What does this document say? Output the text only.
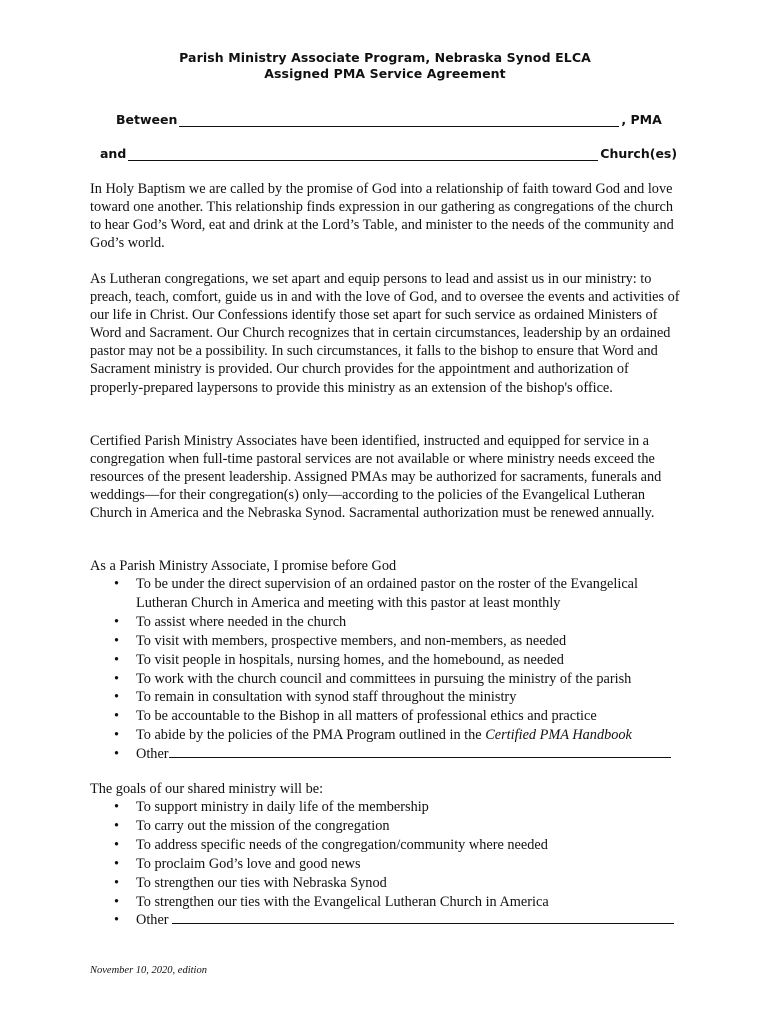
Parish Ministry Associate Program, Nebraska Synod ELCA
Assigned PMA Service Agreement
Between	, PMA
and	Church(es)

In Holy Baptism we are called by the promise of God into a relationship of faith toward God and love toward one another. This relationship finds expression in our gathering as congregations of the church to hear God’s Word, eat and drink at the Lord’s Table, and minister to the needs of the community and God’s world.

As Lutheran congregations, we set apart and equip persons to lead and assist us in our ministry: to preach, teach, comfort, guide us in and with the love of God, and to oversee the events and activities of our life in Christ. Our Confessions identify those set apart for such service as ordained Ministers of Word and Sacrament. Our Church recognizes that in certain circumstances, leadership by an ordained pastor may not be a possibility. In such circumstances, it falls to the bishop to ensure that Word and Sacrament ministry is provided. Our church provides for the appointment and authorization of properly-prepared laypersons to provide this ministry as an extension of the bishop's office.

Certified Parish Ministry Associates have been identified, instructed and equipped for service in a congregation when full-time pastoral services are not available or where ministry needs exceed the resources of the present leadership. Assigned PMAs may be authorized for sacraments, funerals and weddings—for their congregation(s) only—according to the policies of the Evangelical Lutheran Church in America and the Nebraska Synod. Sacramental authorization must be renewed annually.

As a Parish Ministry Associate, I promise before God

• To be under the direct supervision of an ordained pastor on the roster of the Evangelical Lutheran Church in America and meeting with this pastor at least monthly
• To assist where needed in the church
• To visit with members, prospective members, and non-members, as needed
• To visit people in hospitals, nursing homes, and the homebound, as needed
• To work with the church council and committees in pursuing the ministry of the parish
• To remain in consultation with synod staff throughout the ministry
• To be accountable to the Bishop in all matters of professional ethics and practice
• To abide by the policies of the PMA Program outlined in the Certified PMA Handbook
• Other

The goals of our shared ministry will be:

• To support ministry in daily life of the membership
• To carry out the mission of the congregation
• To address specific needs of the congregation/community where needed
• To proclaim God’s love and good news
• To strengthen our ties with Nebraska Synod
• To strengthen our ties with the Evangelical Lutheran Church in America
• Other
November 10, 2020, edition
